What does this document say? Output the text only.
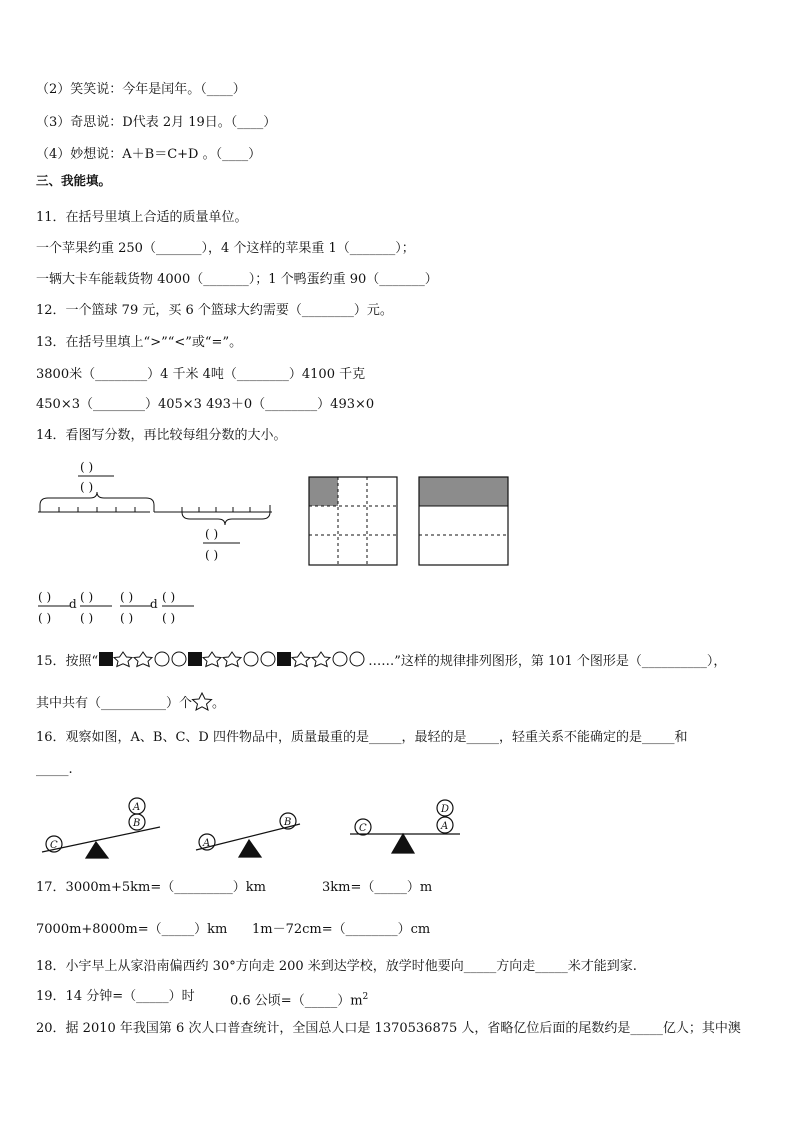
（2）笑笑说：今年是闰年。（____）
（3）奇思说：D代表 2月 19日。（____）
（4）妙想说：A＋B＝C+D 。（____）
三、我能填。
11．在括号里填上合适的质量单位。
一个苹果约重 250（_______），4 个这样的苹果重 1（_______）；
一辆大卡车能载货物 4000（_______）；1 个鸭蛋约重 90（_______）
12．一个篮球 79 元，买 6 个篮球大约需要（________）元。
13．在括号里填上“>”“<”或“=”。
3800米（________）4 千米 4吨（________）4100 千克
450×3（________）405×3 493＋0（________）493×0
14．看图写分数，再比较每组分数的大小。
( )
( )
( )
( )
( )
( )
d ( )
( )
( )
( )
d ( )
( )
15．按照“	……”这样的规律排列图形，第 101 个图形是（__________），
其中共有（__________）个 。
16．观察如图，A、B、C、D 四件物品中，质量最重的是_____，最轻的是_____，轻重关系不能确定的是_____和
_____.
C
B
A
A
B
C	A
D
17．3000m+5km=（_________）km	3km=（_____）m
7000m+8000m=（_____）km 1m－72cm=（________）cm
18．小宇早上从家沿南偏西约 30°方向走 200 米到达学校，放学时他要向_____方向走_____米才能到家.
19．14 分钟=（_____）时	0.6 公顷$=(\_\_\_\_\_)m^2$
20．据 2010 年我国第 6 次人口普查统计，全国总人口是 1370536875 人，省略亿位后面的尾数约是_____亿人；其中澳
